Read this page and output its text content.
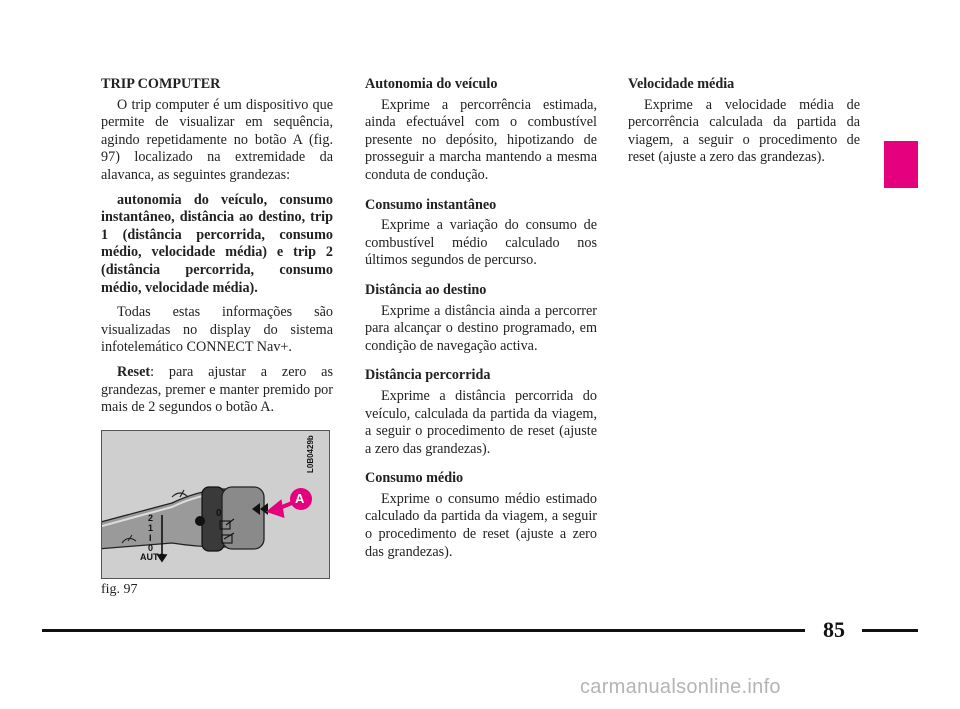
TRIP COMPUTER

O trip computer é um dispositivo que permite de visualizar em sequência, agindo repetidamente no botão A (fig. 97) localizado na extremidade da alavanca, as seguintes grandezas:

autonomia do veículo, consumo instantâneo, distância ao destino, trip 1 (distância percorrida, consumo médio, velocidade média) e trip 2 (distância percorrida, consumo médio, velocidade média).

Todas estas informações são visualizadas no display do sistema infotelemático CONNECT Nav+.

Reset: para ajustar a zero as grandezas, premer e manter premido por mais de 2 segundos o botão A.

Autonomia do veículo

Exprime a percorrência estimada, ainda efectuável com o combustível presente no depósito, hipotizando de prosseguir a marcha mantendo a mesma conduta de condução.

Consumo instantâneo

Exprime a variação do consumo de combustível médio calculado nos últimos segundos de percurso.

Distância ao destino

Exprime a distância ainda a percorrer para alcançar o destino programado, em condição de navegação activa.

Distância percorrida

Exprime a distância percorrida do veículo, calculada da partida da viagem, a seguir o procedimento de reset (ajuste a zero das grandezas).

Consumo médio

Exprime o consumo médio estimado calculado da partida da viagem, a seguir o procedimento de reset (ajuste a zero das grandezas).

Velocidade média

Exprime a velocidade média de percorrência calculada da partida da viagem, a seguir o procedimento de reset (ajuste a zero das grandezas).

2
1
I
0
AUTO
0
A
L0B0429b
fig. 97
85
carmanualsonline.info
